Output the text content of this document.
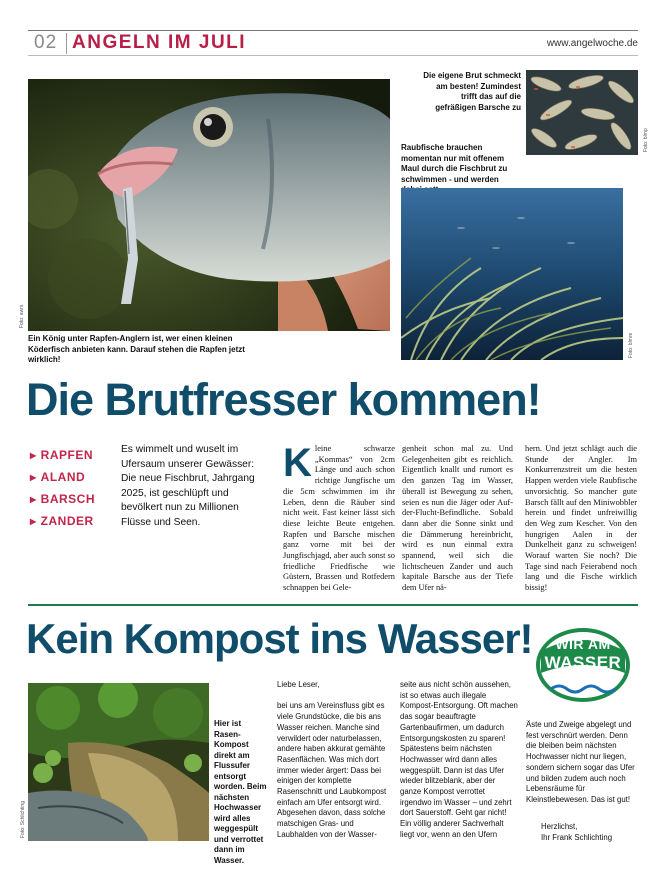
02 ANGELN IM JULI	www.angelwoche.de
Foto: awrs
Ein König unter Rapfen-Anglern ist, wer einen kleinen Köderfisch anbieten kann. Darauf stehen die Rapfen jetzt wirklich!
Die eigene Brut schmeckt am besten! Zumindest trifft das auf die gefräßigen Barsche zu
Foto: blmp
Raubfische brauchen momentan nur mit offenem Maul durch die Fischbrut zu schwimmen - und werden
Foto: blmre
Die Brutfresser kommen!
▶ RAPFEN
▶ ALAND
▶ BARSCH
▶ ZANDER
Es wimmelt und wuselt im Ufersaum unserer Gewässer: Die neue Fischbrut, Jahrgang 2025, ist geschlüpft und bevölkert nun zu Millionen Flüsse und Seen.
Kleine schwarze „Kommas“ von 2cm Länge und auch schon richtige Jungfische um die 5cm schwimmen im ihr Leben, denn die Räuber sind nicht weit. Fast keiner lässt sich diese leichte Beute entgehen. Rapfen und Barsche mischen ganz vorne mit bei der Jungfischjagd, aber auch sonst so friedliche Friedfische wie Güstern, Brassen und Rotfedern schnappen bei Gele-
genheit schon mal zu. Und Gelegenheiten gibt es reichlich. Eigentlich knallt und rumort es den ganzen Tag im Wasser, überall ist Bewegung zu sehen, seien es nun die Jäger oder Auf-der-Flucht-Befindliche. Sobald dann aber die Sonne sinkt und die Dämmerung hereinbricht, wird es nun einmal extra spannend, weil sich die lichtscheuen Zander und auch kapitale Barsche aus der Tiefe dem Ufer nä-
hern. Und jetzt schlägt auch die Stunde der Angler. Im Konkurrenzstreit um die besten Happen werden viele Raubfische unvorsichtig. So mancher gute Barsch fällt auf den Miniwobbler herein und findet unfreiwillig den Weg zum Kescher. Von den hungrigen Aalen in der Dunkelheit ganz zu schweigen! Worauf warten Sie noch? Die Tage sind nach Feierabend noch lang und die Fische wirklich bissig!
Kein Kompost ins Wasser!	WIR AM
WASSER
Foto: Schlichting
Hier ist Rasen-Kompost direkt am Flussufer entsorgt worden. Beim nächsten Hochwasser wird alles weggespült und verrottet dann im Wasser.
Liebe Leser,

bei uns am Vereinsfluss gibt es viele Grundstücke, die bis ans Wasser reichen. Manche sind verwildert oder naturbelassen, andere haben akkurat gemähte Rasenflächen. Was mich dort immer wieder ärgert: Dass bei einigen der komplette Rasenschnitt und Laubkompost einfach am Ufer entsorgt wird. Abgesehen davon, dass solche matschigen Gras- und Laubhalden von der Wasser-
seite aus nicht schön aussehen, ist so etwas auch illegale Kompost-Entsorgung. Oft machen das sogar beauftragte Gartenbaufirmen, um dadurch Entsorgungskosten zu sparen! Spätestens beim nächsten Hochwasser wird dann alles weggespült. Dann ist das Ufer wieder blitzeblank, aber der ganze Kompost verrottet irgendwo im Wasser – und zehrt dort Sauerstoff. Geht gar nicht! Ein völlig anderer Sachverhalt liegt vor, wenn an den Ufern
Äste und Zweige abgelegt und fest verschnürt werden. Denn die bleiben beim nächsten Hochwasser nicht nur liegen, sondern sichern sogar das Ufer und bilden zudem auch noch Lebensräume für Kleinstlebewesen. Das ist gut!
Herzlichst,
Ihr Frank Schlichting
